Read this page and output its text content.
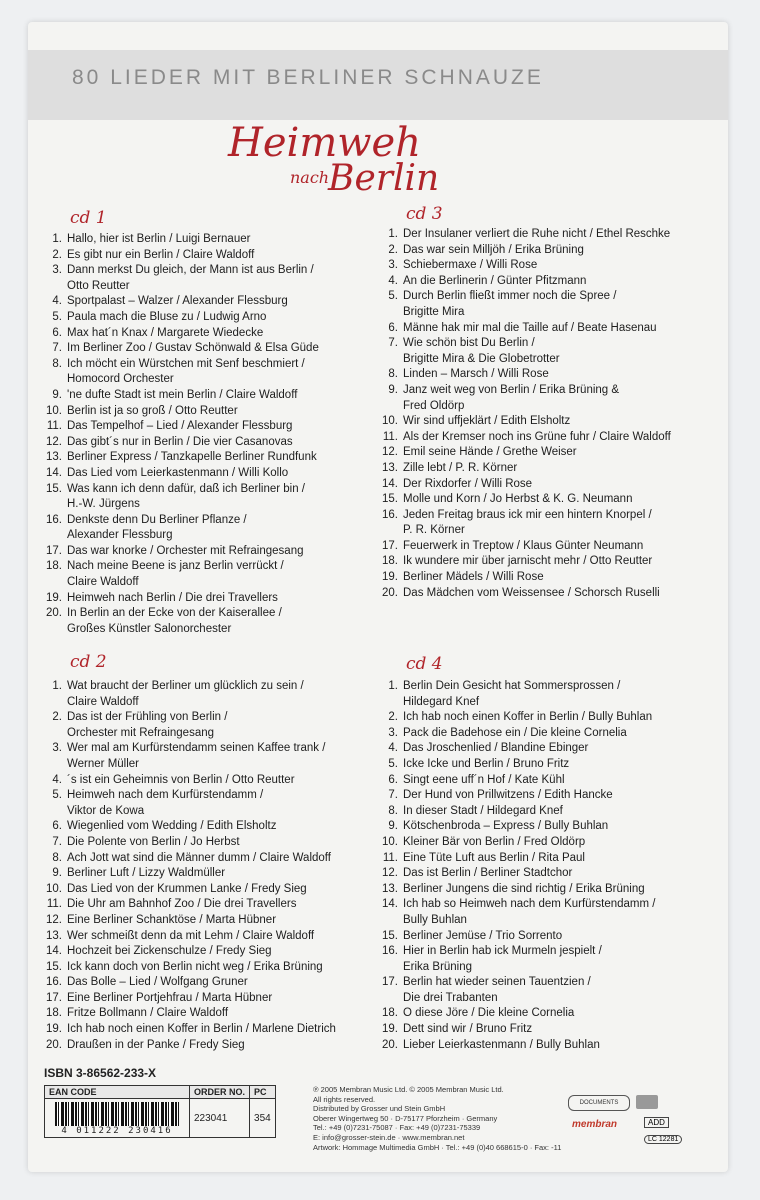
80 LIEDER MIT BERLINER SCHNAUZE
Heimweh
nach
Berlin
cd 1
1. Hallo, hier ist Berlin / Luigi Bernauer
2. Es gibt nur ein Berlin / Claire Waldoff
3. Dann merkst Du gleich, der Mann ist aus Berlin /
Otto Reutter
4. Sportpalast – Walzer / Alexander Flessburg
5. Paula mach die Bluse zu / Ludwig Arno
6. Max hat´n Knax / Margarete Wiedecke
7. Im Berliner Zoo / Gustav Schönwald & Elsa Güde
8. Ich möcht ein Würstchen mit Senf beschmiert /
Homocord Orchester
9. 'ne dufte Stadt ist mein Berlin / Claire Waldoff
10. Berlin ist ja so groß / Otto Reutter
11. Das Tempelhof – Lied / Alexander Flessburg
12. Das gibt´s nur in Berlin / Die vier Casanovas
13. Berliner Express / Tanzkapelle Berliner Rundfunk
14. Das Lied vom Leierkastenmann / Willi Kollo
15. Was kann ich denn dafür, daß ich Berliner bin /
H.-W. Jürgens
16. Denkste denn Du Berliner Pflanze /
Alexander Flessburg
17. Das war knorke / Orchester mit Refraingesang
18. Nach meine Beene is janz Berlin verrückt /
Claire Waldoff
19. Heimweh nach Berlin / Die drei Travellers
20. In Berlin an der Ecke von der Kaiserallee /
Großes Künstler Salonorchester
cd 2
1. Wat braucht der Berliner um glücklich zu sein /
Claire Waldoff
2. Das ist der Frühling von Berlin /
Orchester mit Refraingesang
3. Wer mal am Kurfürstendamm seinen Kaffee trank /
Werner Müller
4. ´s ist ein Geheimnis von Berlin / Otto Reutter
5. Heimweh nach dem Kurfürstendamm /
Viktor de Kowa
6. Wiegenlied vom Wedding / Edith Elsholtz
7. Die Polente von Berlin / Jo Herbst
8. Ach Jott wat sind die Männer dumm / Claire Waldoff
9. Berliner Luft / Lizzy Waldmüller
10. Das Lied von der Krummen Lanke / Fredy Sieg
11. Die Uhr am Bahnhof Zoo / Die drei Travellers
12. Eine Berliner Schanktöse / Marta Hübner
13. Wer schmeißt denn da mit Lehm / Claire Waldoff
14. Hochzeit bei Zickenschulze / Fredy Sieg
15. Ick kann doch von Berlin nicht weg / Erika Brüning
16. Das Bolle – Lied / Wolfgang Gruner
17. Eine Berliner Portjehfrau / Marta Hübner
18. Fritze Bollmann / Claire Waldoff
19. Ich hab noch einen Koffer in Berlin / Marlene Dietrich
20. Draußen in der Panke / Fredy Sieg
cd 3
1. Der Insulaner verliert die Ruhe nicht / Ethel Reschke
2. Das war sein Milljöh / Erika Brüning
3. Schiebermaxe / Willi Rose
4. An die Berlinerin / Günter Pfitzmann
5. Durch Berlin fließt immer noch die Spree /
Brigitte Mira
6. Männe hak mir mal die Taille auf / Beate Hasenau
7. Wie schön bist Du Berlin /
Brigitte Mira & Die Globetrotter
8. Linden – Marsch / Willi Rose
9. Janz weit weg von Berlin / Erika Brüning &
Fred Oldörp
10. Wir sind uffjeklärt / Edith Elsholtz
11. Als der Kremser noch ins Grüne fuhr / Claire Waldoff
12. Emil seine Hände / Grethe Weiser
13. Zille lebt / P. R. Körner
14. Der Rixdorfer / Willi Rose
15. Molle und Korn / Jo Herbst & K. G. Neumann
16. Jeden Freitag braus ick mir een hintern Knorpel /
P. R. Körner
17. Feuerwerk in Treptow / Klaus Günter Neumann
18. Ik wundere mir über jarnischt mehr / Otto Reutter
19. Berliner Mädels / Willi Rose
20. Das Mädchen vom Weissensee / Schorsch Ruselli
cd 4
1. Berlin Dein Gesicht hat Sommersprossen /
Hildegard Knef
2. Ich hab noch einen Koffer in Berlin / Bully Buhlan
3. Pack die Badehose ein / Die kleine Cornelia
4. Das Jroschenlied / Blandine Ebinger
5. Icke Icke und Berlin / Bruno Fritz
6. Singt eene uff´n Hof / Kate Kühl
7. Der Hund von Prillwitzens / Edith Hancke
8. In dieser Stadt / Hildegard Knef
9. Kötschenbroda – Express / Bully Buhlan
10. Kleiner Bär von Berlin / Fred Oldörp
11. Eine Tüte Luft aus Berlin / Rita Paul
12. Das ist Berlin / Berliner Stadtchor
13. Berliner Jungens die sind richtig / Erika Brüning
14. Ich hab so Heimweh nach dem Kurfürstendamm /
Bully Buhlan
15. Berliner Jemüse / Trio Sorrento
16. Hier in Berlin hab ick Murmeln jespielt /
Erika Brüning
17. Berlin hat wieder seinen Tauentzien /
Die drei Trabanten
18. O diese Jöre / Die kleine Cornelia
19. Dett sind wir / Bruno Fritz
20. Lieber Leierkastenmann / Bully Buhlan
ISBN 3-86562-233-X
EAN CODE	ORDER NO.	PC

4 011222 230416	223041	354
℗ 2005 Membran Music Ltd. © 2005 Membran Music Ltd.
All rights reserved.
Distributed by Grosser und Stein GmbH
Oberer Wingertweg 50 · D-75177 Pforzheim · Germany
Tel.: +49 (0)7231-75087 · Fax: +49 (0)7231-75339
E: info@grosser-stein.de · www.membran.net
Artwork: Hommage Multimedia GmbH · Tel.: +49 (0)40 668615-0 · Fax: -11
DOCUMENTS
membran	ADD
LC 12281
